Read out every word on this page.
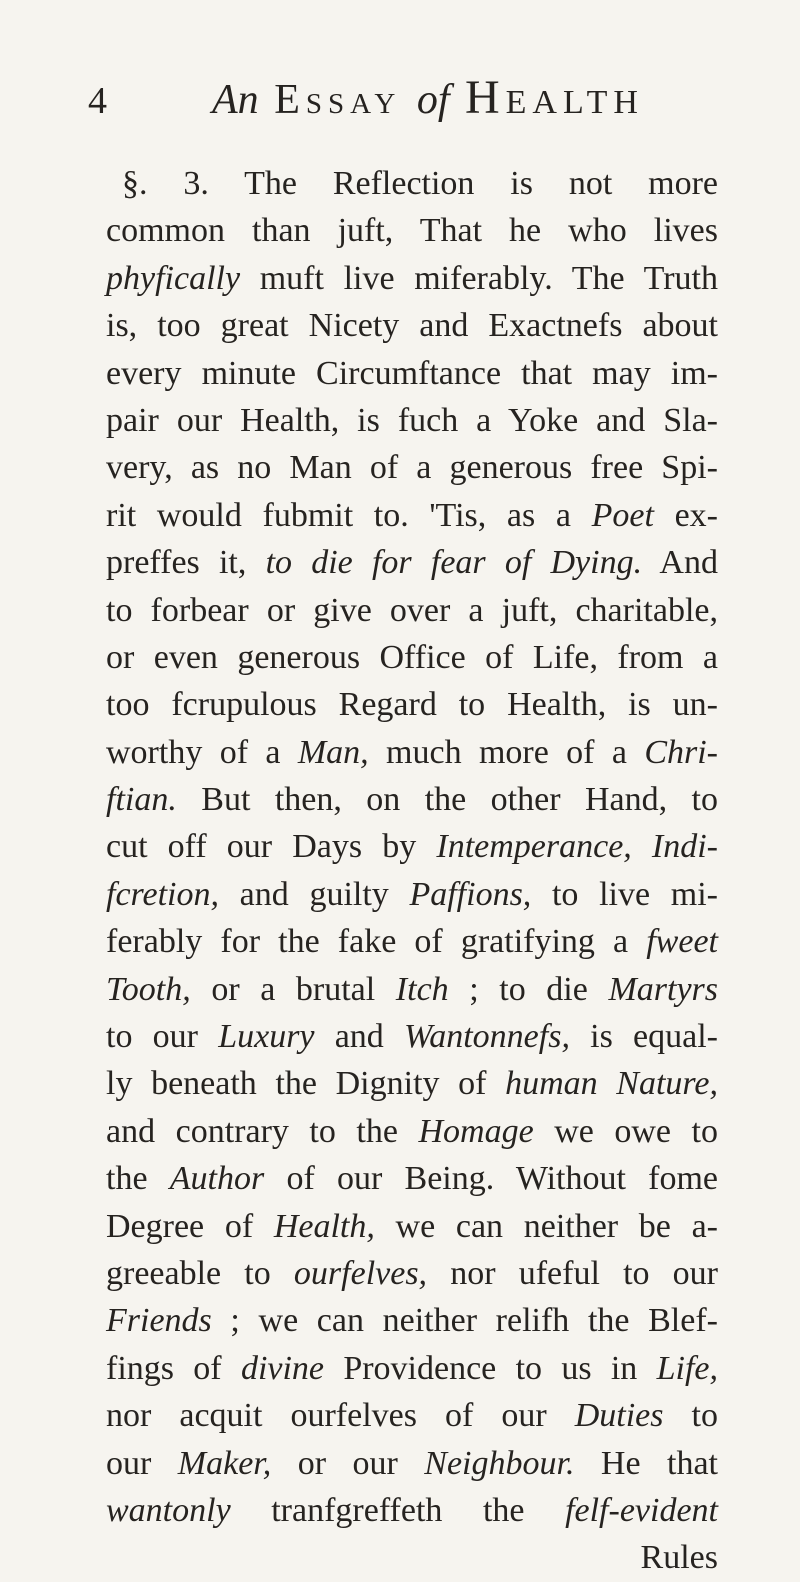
4	An Essay of Health
§. 3. The Reflection is not more
common than juft, That he who lives
phyfically muft live miferably. The Truth
is, too great Nicety and Exactnefs about
every minute Circumftance that may im-
pair our Health, is fuch a Yoke and Sla-
very, as no Man of a generous free Spi-
rit would fubmit to. 'Tis, as a Poet ex-
preffes it, to die for fear of Dying. And
to forbear or give over a juft, charitable,
or even generous Office of Life, from a
too fcrupulous Regard to Health, is un-
worthy of a Man, much more of a Chri-
ftian. But then, on the other Hand, to
cut off our Days by Intemperance, Indi-
fcretion, and guilty Paffions, to live mi-
ferably for the fake of gratifying a fweet
Tooth, or a brutal Itch ; to die Martyrs
to our Luxury and Wantonnefs, is equal-
ly beneath the Dignity of human Nature,
and contrary to the Homage we owe to
the Author of our Being. Without fome
Degree of Health, we can neither be a-
greeable to ourfelves, nor ufeful to our
Friends ; we can neither relifh the Blef-
fings of divine Providence to us in Life,
nor acquit ourfelves of our Duties to
our Maker, or our Neighbour. He that
wantonly tranfgreffeth the felf-evident
Rules
